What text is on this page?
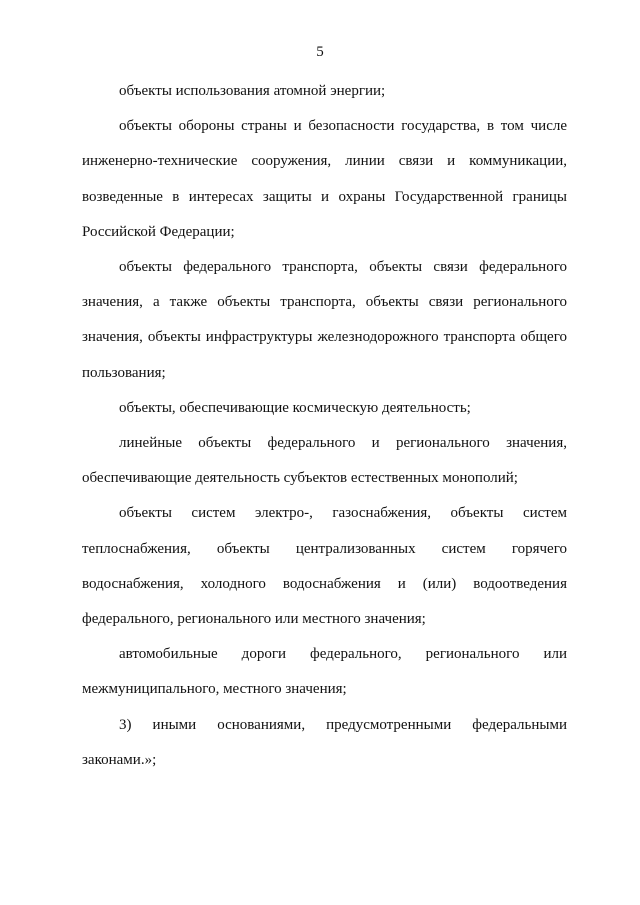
5

объекты использования атомной энергии;

объекты обороны страны и безопасности государства, в том числе инженерно-технические сооружения, линии связи и коммуникации, возведенные в интересах защиты и охраны Государственной границы Российской Федерации;

объекты федерального транспорта, объекты связи федерального значения, а также объекты транспорта, объекты связи регионального значения, объекты инфраструктуры железнодорожного транспорта общего пользования;

объекты, обеспечивающие космическую деятельность;

линейные объекты федерального и регионального значения, обеспечивающие деятельность субъектов естественных монополий;

объекты систем электро-, газоснабжения, объекты систем теплоснабжения, объекты централизованных систем горячего водоснабжения, холодного водоснабжения и (или) водоотведения федерального, регионального или местного значения;

автомобильные дороги федерального, регионального или межмуниципального, местного значения;

3) иными основаниями, предусмотренными федеральными законами.»;
